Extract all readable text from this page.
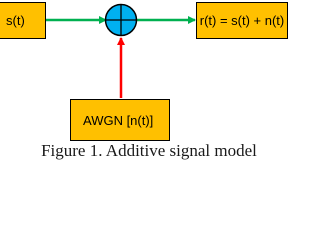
s(t)	r(t) = s(t) + n(t)
AWGN [n(t)]
Figure 1. Additive signal model
